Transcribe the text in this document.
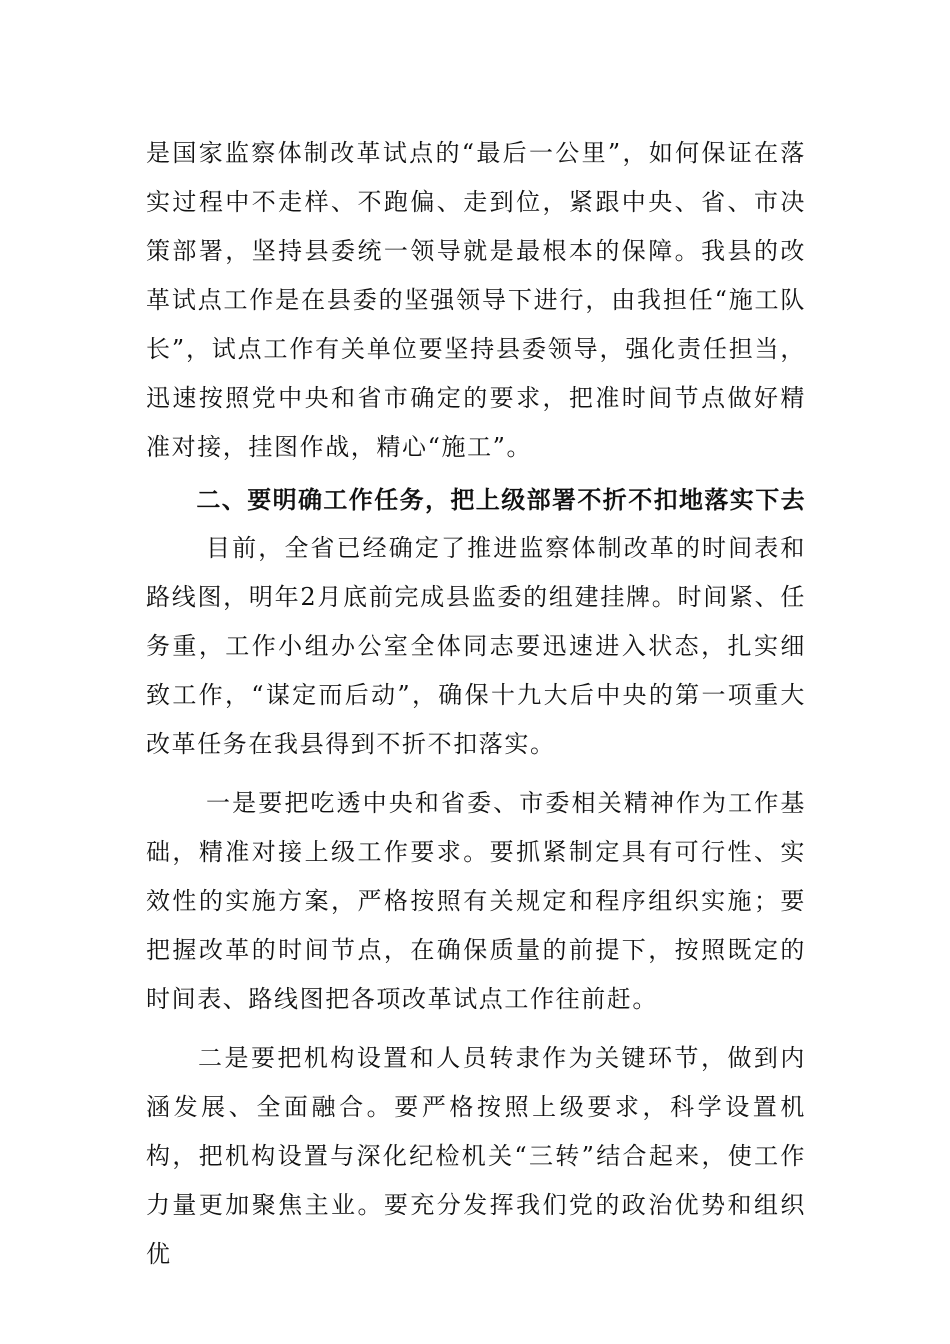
是国家监察体制改革试点的“最后一公里”，如何保证在落实过程中不走样、不跑偏、走到位，紧跟中央、省、市决策部署，坚持县委统一领导就是最根本的保障。我县的改革试点工作是在县委的坚强领导下进行，由我担任“施工队长”，试点工作有关单位要坚持县委领导，强化责任担当，迅速按照党中央和省市确定的要求，把准时间节点做好精准对接，挂图作战，精心“施工”。

二、要明确工作任务，把上级部署不折不扣地落实下去

目前，全省已经确定了推进监察体制改革的时间表和路线图，明年2月底前完成县监委的组建挂牌。时间紧、任务重，工作小组办公室全体同志要迅速进入状态，扎实细致工作，“谋定而后动”，确保十九大后中央的第一项重大改革任务在我县得到不折不扣落实。

一是要把吃透中央和省委、市委相关精神作为工作基础，精准对接上级工作要求。要抓紧制定具有可行性、实效性的实施方案，严格按照有关规定和程序组织实施；要把握改革的时间节点，在确保质量的前提下，按照既定的时间表、路线图把各项改革试点工作往前赶。

二是要把机构设置和人员转隶作为关键环节，做到内涵发展、全面融合。要严格按照上级要求，科学设置机构，把机构设置与深化纪检机关“三转”结合起来，使工作力量更加聚焦主业。要充分发挥我们党的政治优势和组织优
